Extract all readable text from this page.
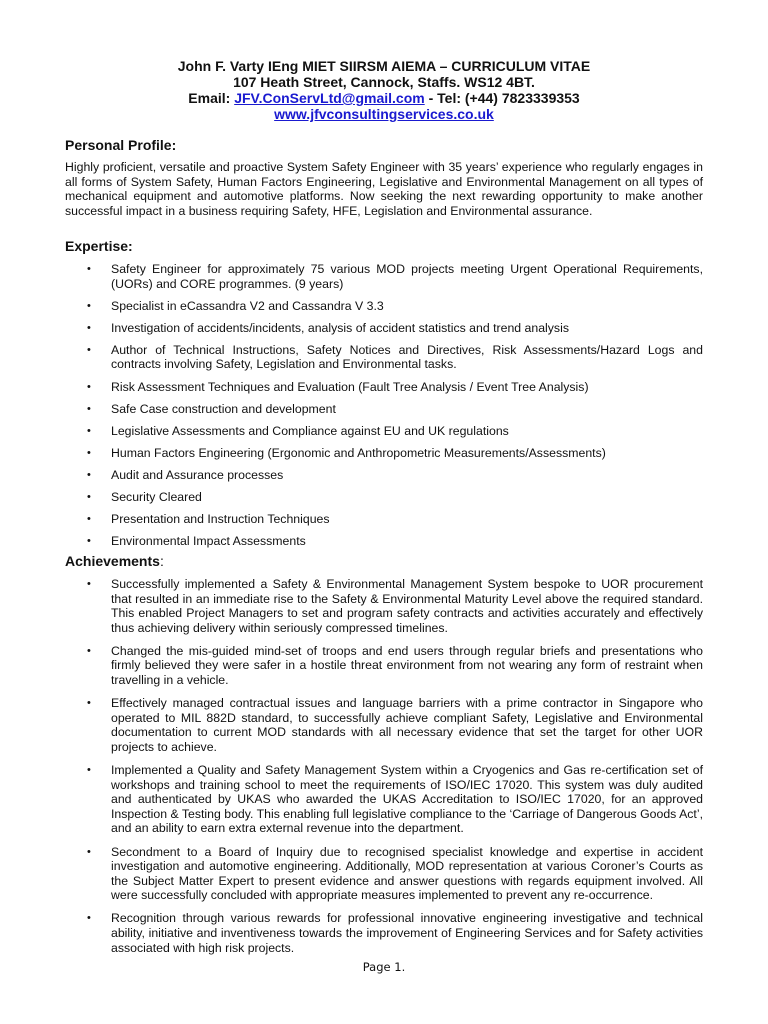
John F. Varty IEng MIET SIIRSM AIEMA – CURRICULUM VITAE
107 Heath Street, Cannock, Staffs. WS12 4BT.
Email: JFV.ConServLtd@gmail.com - Tel: (+44) 7823339353
www.jfvconsultingservices.co.uk
Personal Profile:

Highly proficient, versatile and proactive System Safety Engineer with 35 years’ experience who regularly engages in all forms of System Safety, Human Factors Engineering, Legislative and Environmental Management on all types of mechanical equipment and automotive platforms. Now seeking the next rewarding opportunity to make another successful impact in a business requiring Safety, HFE, Legislation and Environmental assurance.

Expertise:
• Safety Engineer for approximately 75 various MOD projects meeting Urgent Operational Requirements, (UORs) and CORE programmes. (9 years)
• Specialist in eCassandra V2 and Cassandra V 3.3
• Investigation of accidents/incidents, analysis of accident statistics and trend analysis
• Author of Technical Instructions, Safety Notices and Directives, Risk Assessments/Hazard Logs and contracts involving Safety, Legislation and Environmental tasks.
• Risk Assessment Techniques and Evaluation (Fault Tree Analysis / Event Tree Analysis)
• Safe Case construction and development
• Legislative Assessments and Compliance against EU and UK regulations
• Human Factors Engineering (Ergonomic and Anthropometric Measurements/Assessments)
• Audit and Assurance processes
• Security Cleared
• Presentation and Instruction Techniques
• Environmental Impact Assessments
Achievements:
• Successfully implemented a Safety & Environmental Management System bespoke to UOR procurement that resulted in an immediate rise to the Safety & Environmental Maturity Level above the required standard. This enabled Project Managers to set and program safety contracts and activities accurately and effectively thus achieving delivery within seriously compressed timelines.
• Changed the mis-guided mind-set of troops and end users through regular briefs and presentations who firmly believed they were safer in a hostile threat environment from not wearing any form of restraint when travelling in a vehicle.
• Effectively managed contractual issues and language barriers with a prime contractor in Singapore who operated to MIL 882D standard, to successfully achieve compliant Safety, Legislative and Environmental documentation to current MOD standards with all necessary evidence that set the target for other UOR projects to achieve.
• Implemented a Quality and Safety Management System within a Cryogenics and Gas re-certification set of workshops and training school to meet the requirements of ISO/IEC 17020. This system was duly audited and authenticated by UKAS who awarded the UKAS Accreditation to ISO/IEC 17020, for an approved Inspection & Testing body. This enabling full legislative compliance to the ‘Carriage of Dangerous Goods Act’, and an ability to earn extra external revenue into the department.
• Secondment to a Board of Inquiry due to recognised specialist knowledge and expertise in accident investigation and automotive engineering. Additionally, MOD representation at various Coroner’s Courts as the Subject Matter Expert to present evidence and answer questions with regards equipment involved. All were successfully concluded with appropriate measures implemented to prevent any re-occurrence.
• Recognition through various rewards for professional innovative engineering investigative and technical ability, initiative and inventiveness towards the improvement of Engineering Services and for Safety activities associated with high risk projects.
Page 1.
